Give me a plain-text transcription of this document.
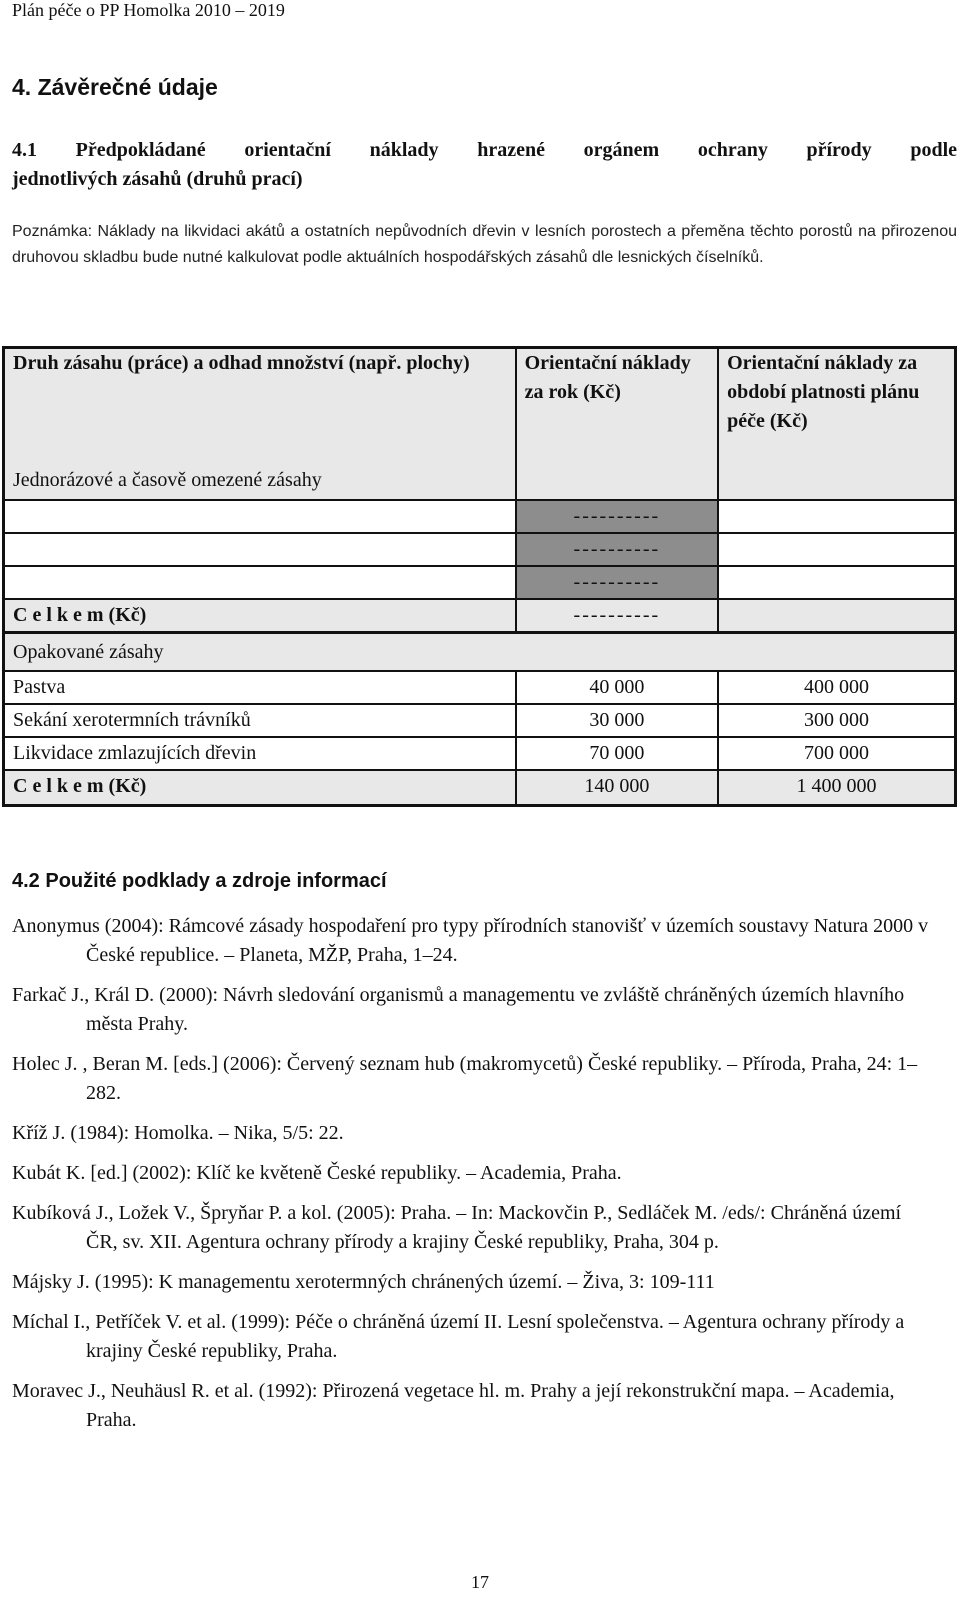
Plán péče o PP Homolka 2010 – 2019
4. Závěrečné údaje
4.1 Předpokládané orientační náklady hrazené orgánem ochrany přírody podle
jednotlivých zásahů (druhů prací)
Poznámka: Náklady na likvidaci akátů a ostatních nepůvodních dřevin v lesních porostech a přeměna těchto porostů na přirozenou druhovou skladbu bude nutné kalkulovat podle aktuálních hospodářských zásahů dle lesnických číselníků.
Druh zásahu (práce) a odhad množství (např. plochy)	Orientační náklady za rok (Kč)	Orientační náklady za období platnosti plánu péče (Kč)
Jednorázové a časově omezené zásahy		
	----------	
	----------	
	----------	
C e l k e m (Kč)	----------	
Opakované zásahy		
Pastva	40 000	400 000
Sekání xerotermních trávníků	30 000	300 000
Likvidace zmlazujících dřevin	70 000	700 000
C e l k e m (Kč)	140 000	1 400 000
4.2 Použité podklady a zdroje informací
Anonymus (2004): Rámcové zásady hospodaření pro typy přírodních stanovišť v územích soustavy Natura 2000 v České republice. – Planeta, MŽP, Praha, 1–24.
Farkač J., Král D. (2000): Návrh sledování organismů a managementu ve zvláště chráněných územích hlavního města Prahy.
Holec J. , Beran M. [eds.] (2006): Červený seznam hub (makromycetů) České republiky. – Příroda, Praha, 24: 1–282.
Kříž J. (1984): Homolka. – Nika, 5/5: 22.
Kubát K. [ed.] (2002): Klíč ke květeně České republiky. – Academia, Praha.
Kubíková J., Ložek V., Špryňar P. a kol. (2005): Praha. – In: Mackovčin P., Sedláček M. /eds/: Chráněná území ČR, sv. XII. Agentura ochrany přírody a krajiny České republiky, Praha, 304 p.
Májsky J. (1995): K managementu xerotermných chránených území. – Živa, 3: 109-111
Míchal I., Petříček V. et al. (1999): Péče o chráněná území II. Lesní společenstva. – Agentura ochrany přírody a krajiny České republiky, Praha.
Moravec J., Neuhäusl R. et al. (1992): Přirozená vegetace hl. m. Prahy a její rekonstrukční mapa. – Academia, Praha.
17
